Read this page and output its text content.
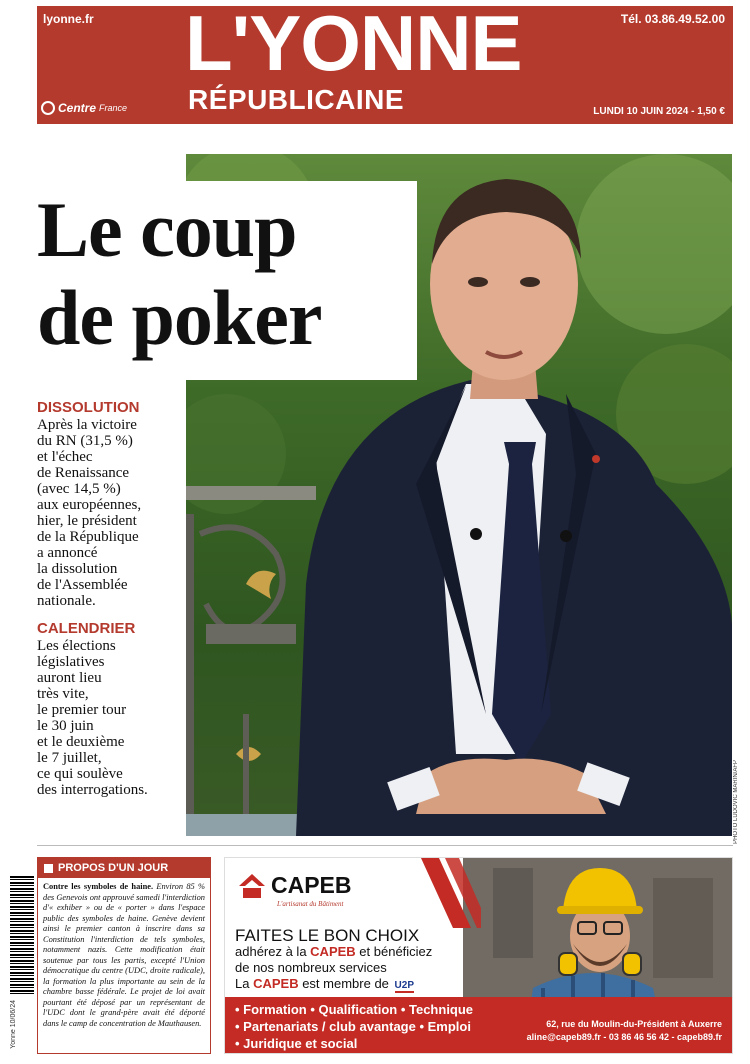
lyonne.fr	Tél. 03.86.49.52.00
L'YONNE
RÉPUBLICAINE
Centre France	LUNDI 10 JUIN 2024 - 1,50 €
PHOTO LUDOVIC MARIN/AFP
Le coup
de poker
DISSOLUTION
Après la victoire
du RN (31,5 %)
et l'échec
de Renaissance
(avec 14,5 %)
aux européennes,
hier, le président
de la République
a annoncé
la dissolution
de l'Assemblée
nationale.
CALENDRIER
Les élections
législatives
auront lieu
très vite,
le premier tour
le 30 juin
et le deuxième
le 7 juillet,
ce qui soulève
des interrogations.
Yonne 10/06/24
PROPOS D'UN JOUR

Contre les symboles de haine. Environ 85 % des Genevois ont approuvé samedi l'interdiction d'« exhiber » ou de « porter » dans l'espace public des symboles de haine. Genève devient ainsi le premier canton à inscrire dans sa Constitution l'interdiction de tels symboles, notamment nazis. Cette modification était soutenue par tous les partis, excepté l'Union démocratique du centre (UDC, droite radicale), la formation la plus importante au sein de la chambre basse fédérale. Le projet de loi avait pourtant été déposé par un représentant de l'UDC dont le grand-père avait été déporté dans le camp de concentration de Mauthausen.

CAPEB
L'artisanat du Bâtiment
FAITES LE BON CHOIX
adhérez à la CAPEB et bénéficiez
de nos nombreux services
La CAPEB est membre de U2P
• Formation • Qualification • Technique
• Partenariats / club avantage • Emploi
• Juridique et social
62, rue du Moulin-du-Président à Auxerre
aline@capeb89.fr - 03 86 46 56 42 - capeb89.fr
